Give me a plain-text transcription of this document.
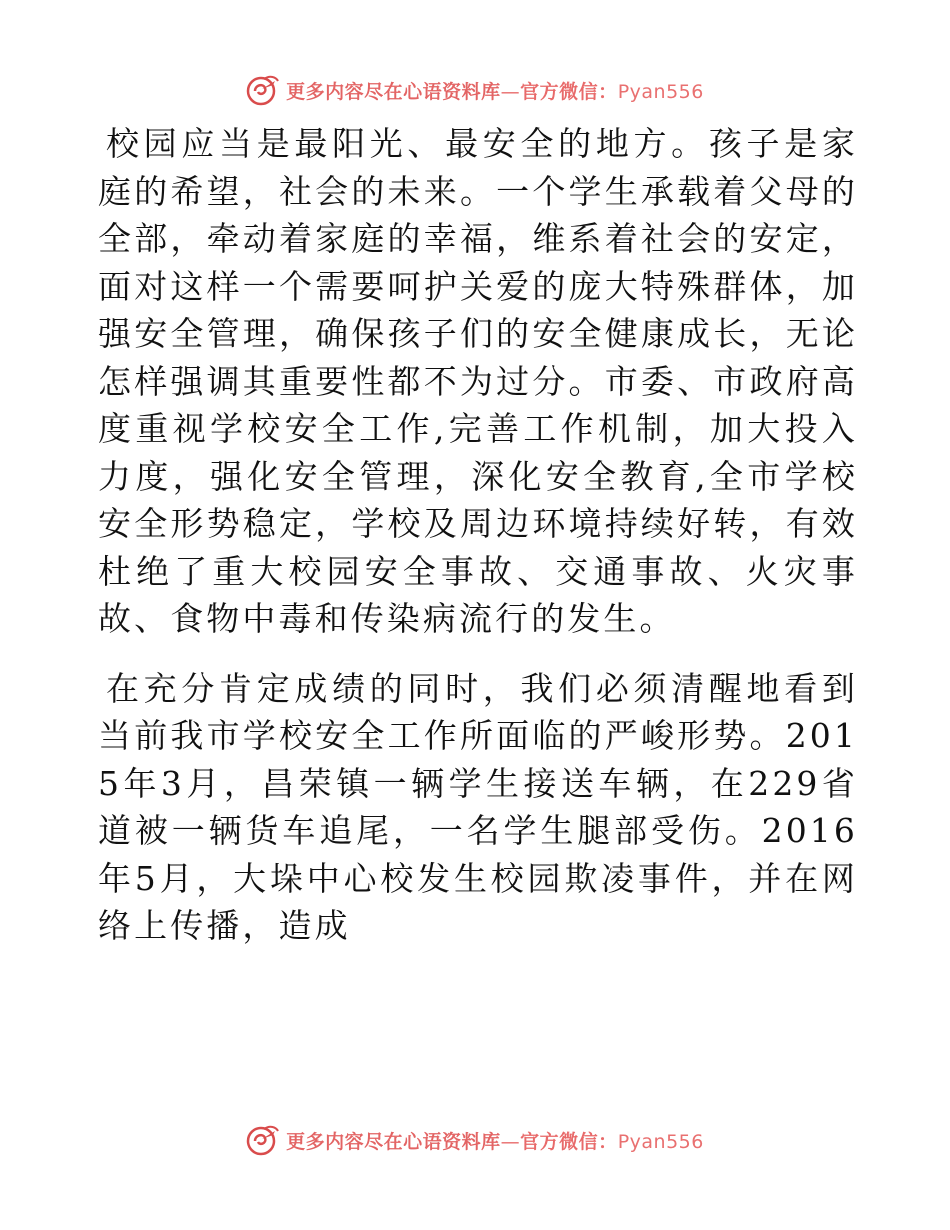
更多内容尽在心语资料库—官方微信：Pyan556

校园应当是最阳光、最安全的地方。孩子是家庭的希望，社会的未来。一个学生承载着父母的全部，牵动着家庭的幸福，维系着社会的安定，面对这样一个需要呵护关爱的庞大特殊群体，加强安全管理，确保孩子们的安全健康成长，无论怎样强调其重要性都不为过分。市委、市政府高度重视学校安全工作,完善工作机制，加大投入力度，强化安全管理，深化安全教育,全市学校安全形势稳定，学校及周边环境持续好转，有效杜绝了重大校园安全事故、交通事故、火灾事故、食物中毒和传染病流行的发生。

在充分肯定成绩的同时，我们必须清醒地看到当前我市学校安全工作所面临的严峻形势。2015年3月，昌荣镇一辆学生接送车辆，在229省道被一辆货车追尾，一名学生腿部受伤。2016年5月，大垛中心校发生校园欺凌事件，并在网络上传播，造成

更多内容尽在心语资料库—官方微信：Pyan556
